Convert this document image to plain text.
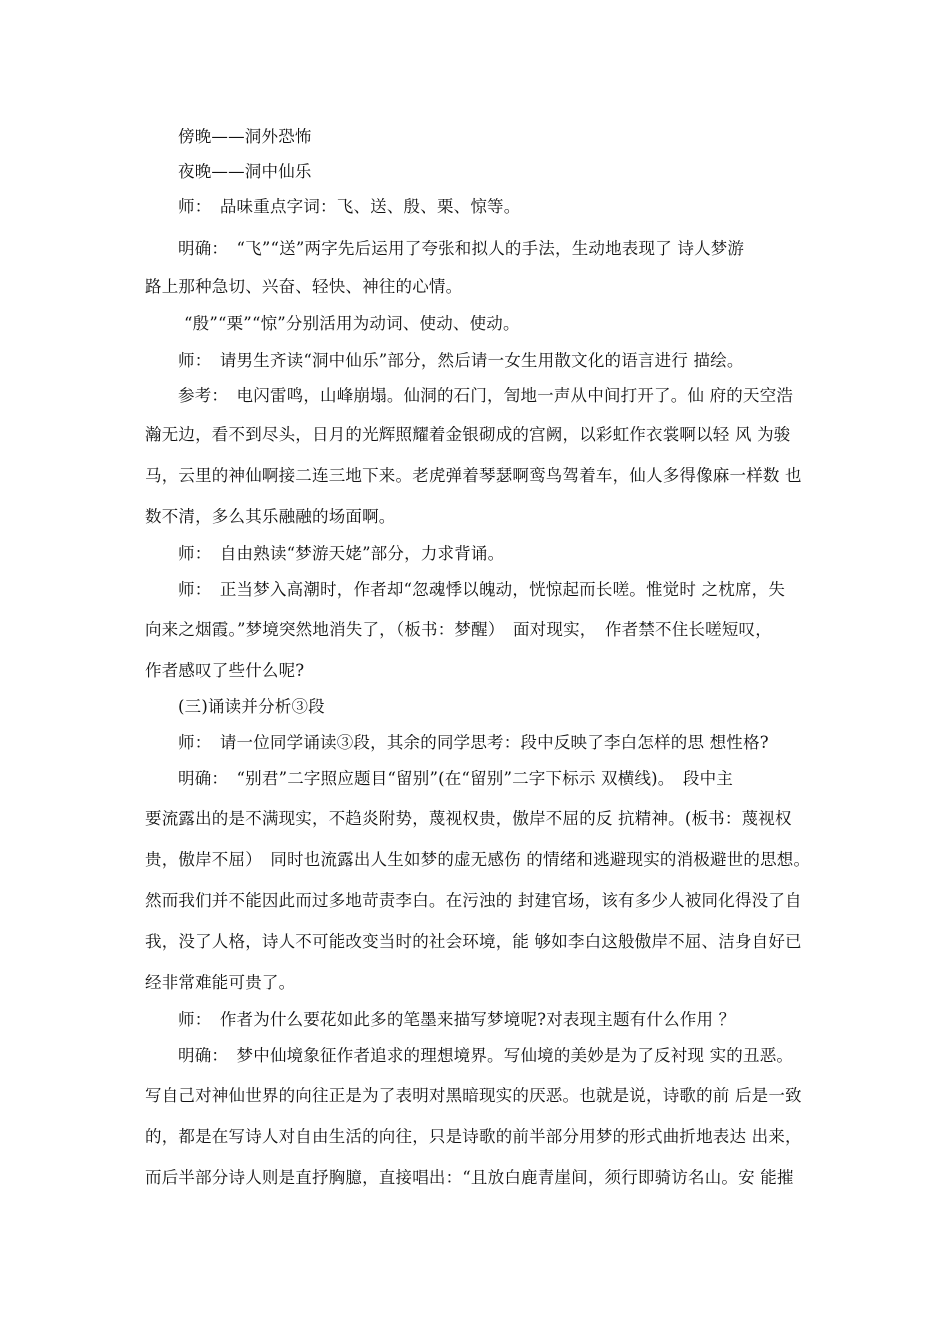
傍晚——洞外恐怖
夜晚——洞中仙乐
师：　品味重点字词：飞、送、殷、栗、惊等。
明确：　“飞”“送”两字先后运用了夸张和拟人的手法，生动地表现了 诗人梦游
路上那种急切、兴奋、轻快、神往的心情。
“殷”“栗”“惊”分别活用为动词、使动、使动。
师：　请男生齐读“洞中仙乐”部分，然后请一女生用散文化的语言进行 描绘。
参考：　电闪雷鸣，山峰崩塌。仙洞的石门，訇地一声从中间打开了。仙 府的天空浩
瀚无边，看不到尽头，日月的光辉照耀着金银砌成的宫阙，以彩虹作衣裳啊以轻 风 为骏
马，云里的神仙啊接二连三地下来。老虎弹着琴瑟啊鸾鸟驾着车，仙人多得像麻一样数 也
数不清，多么其乐融融的场面啊。
师：　自由熟读“梦游天姥”部分，力求背诵。
师：　正当梦入高潮时，作者却“忽魂悸以魄动，恍惊起而长嗟。惟觉时 之枕席，失
向来之烟霞。”梦境突然地消失了，（板书：梦醒）　面对现实，　作者禁不住长嗟短叹，
作者感叹了些什么呢?
(三)诵读并分析③段
师：　请一位同学诵读③段，其余的同学思考：段中反映了李白怎样的思 想性格?
明确：　“别君”二字照应题目“留别”(在“留别”二字下标示 双横线)。　段中主
要流露出的是不满现实，不趋炎附势，蔑视权贵，傲岸不屈的反 抗精神。(板书：蔑视权
贵，傲岸不屈）　同时也流露出人生如梦的虚无感伤 的情绪和逃避现实的消极避世的思想。
然而我们并不能因此而过多地苛责李白。在污浊的 封建官场，该有多少人被同化得没了自
我，没了人格，诗人不可能改变当时的社会环境，能 够如李白这般傲岸不屈、洁身自好已
经非常难能可贵了。
师：　作者为什么要花如此多的笔墨来描写梦境呢?对表现主题有什么作用 ？
明确：　梦中仙境象征作者追求的理想境界。写仙境的美妙是为了反衬现 实的丑恶。
写自己对神仙世界的向往正是为了表明对黑暗现实的厌恶。也就是说，诗歌的前 后是一致
的，都是在写诗人对自由生活的向往，只是诗歌的前半部分用梦的形式曲折地表达 出来，
而后半部分诗人则是直抒胸臆，直接唱出：“且放白鹿青崖间，须行即骑访名山。安 能摧
